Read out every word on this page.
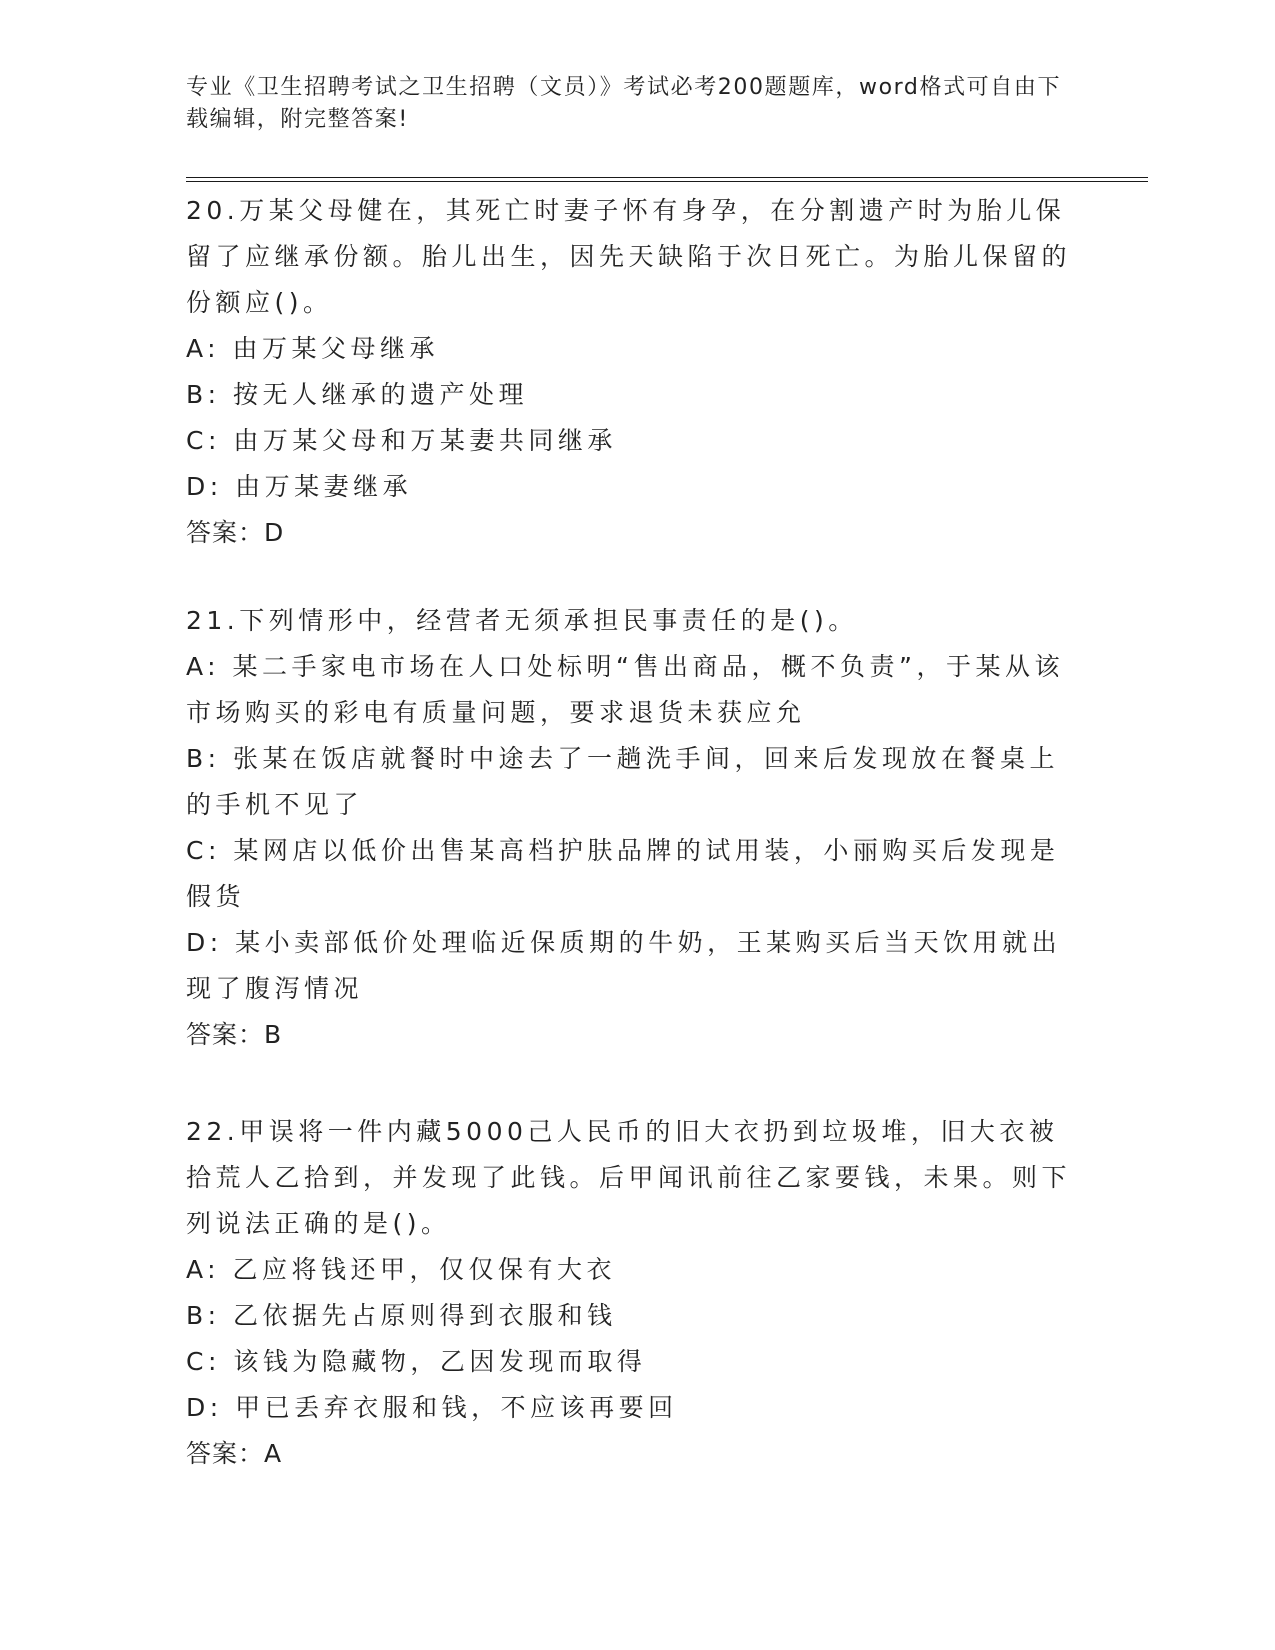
专业《卫生招聘考试之卫生招聘（文员）》考试必考200题题库，word格式可自由下载编辑，附完整答案!

20.万某父母健在，其死亡时妻子怀有身孕，在分割遗产时为胎儿保留了应继承份额。胎儿出生，因先天缺陷于次日死亡。为胎儿保留的份额应()。

A: 由万某父母继承

B: 按无人继承的遗产处理

C: 由万某父母和万某妻共同继承

D: 由万某妻继承

答案：D

21.下列情形中，经营者无须承担民事责任的是()。

A: 某二手家电市场在人口处标明“售出商品，概不负责”，于某从该市场购买的彩电有质量问题，要求退货未获应允

B: 张某在饭店就餐时中途去了一趟洗手间，回来后发现放在餐桌上的手机不见了

C: 某网店以低价出售某高档护肤品牌的试用装，小丽购买后发现是假货

D: 某小卖部低价处理临近保质期的牛奶，王某购买后当天饮用就出现了腹泻情况

答案：B

22.甲误将一件内藏5000己人民币的旧大衣扔到垃圾堆，旧大衣被拾荒人乙拾到，并发现了此钱。后甲闻讯前往乙家要钱，未果。则下列说法正确的是()。

A: 乙应将钱还甲，仅仅保有大衣

B: 乙依据先占原则得到衣服和钱

C: 该钱为隐藏物，乙因发现而取得

D: 甲已丢弃衣服和钱，不应该再要回

答案：A
